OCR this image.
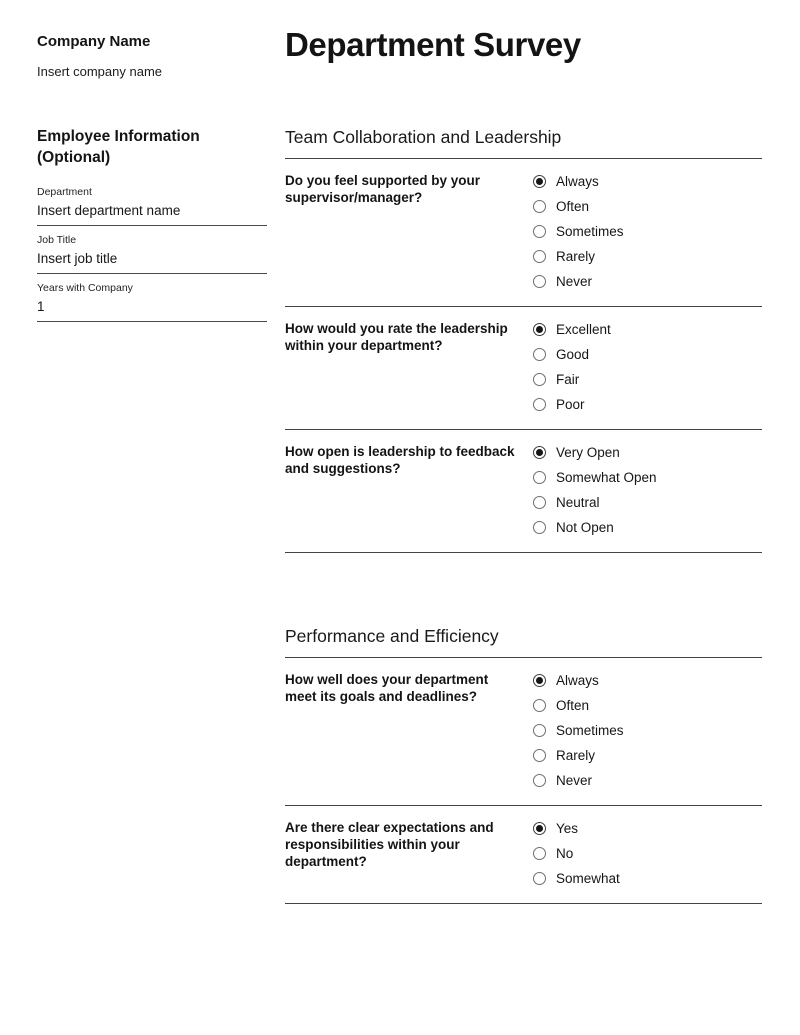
Company Name
Insert company name
Employee Information (Optional)
Department
Insert department name
Job Title
Insert job title
Years with Company
1
Department Survey
Team Collaboration and Leadership
Do you feel supported by your supervisor/manager?
Always
Often
Sometimes
Rarely
Never
How would you rate the leadership within your department?
Excellent
Good
Fair
Poor
How open is leadership to feedback and suggestions?
Very Open
Somewhat Open
Neutral
Not Open
Performance and Efficiency
How well does your department meet its goals and deadlines?
Always
Often
Sometimes
Rarely
Never
Are there clear expectations and responsibilities within your department?
Yes
No
Somewhat
